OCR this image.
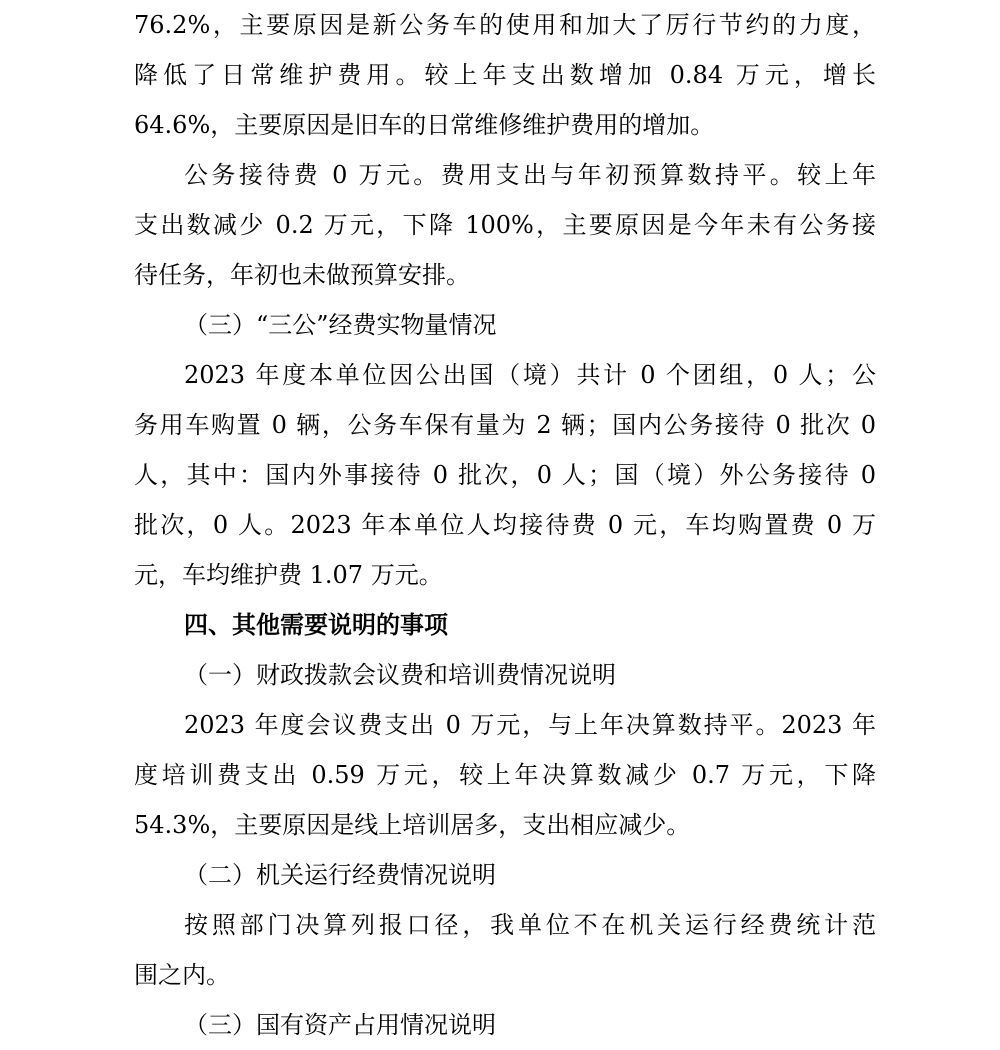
76.2%，主要原因是新公务车的使用和加大了厉行节约的力度，
降低了日常维护费用。较上年支出数增加 0.84 万元，增长
64.6%，主要原因是旧车的日常维修维护费用的增加。
公务接待费 0 万元。费用支出与年初预算数持平。较上年
支出数减少 0.2 万元，下降 100%，主要原因是今年未有公务接
待任务，年初也未做预算安排。
（三）“三公”经费实物量情况
2023 年度本单位因公出国（境）共计 0 个团组，0 人；公
务用车购置 0 辆，公务车保有量为 2 辆；国内公务接待 0 批次 0
人，其中：国内外事接待 0 批次，0 人；国（境）外公务接待 0
批次，0 人。2023 年本单位人均接待费 0 元，车均购置费 0 万
元，车均维护费 1.07 万元。
四、其他需要说明的事项
（一）财政拨款会议费和培训费情况说明
2023 年度会议费支出 0 万元，与上年决算数持平。2023 年
度培训费支出 0.59 万元，较上年决算数减少 0.7 万元，下降
54.3%，主要原因是线上培训居多，支出相应减少。
（二）机关运行经费情况说明
按照部门决算列报口径，我单位不在机关运行经费统计范
围之内。
（三）国有资产占用情况说明
